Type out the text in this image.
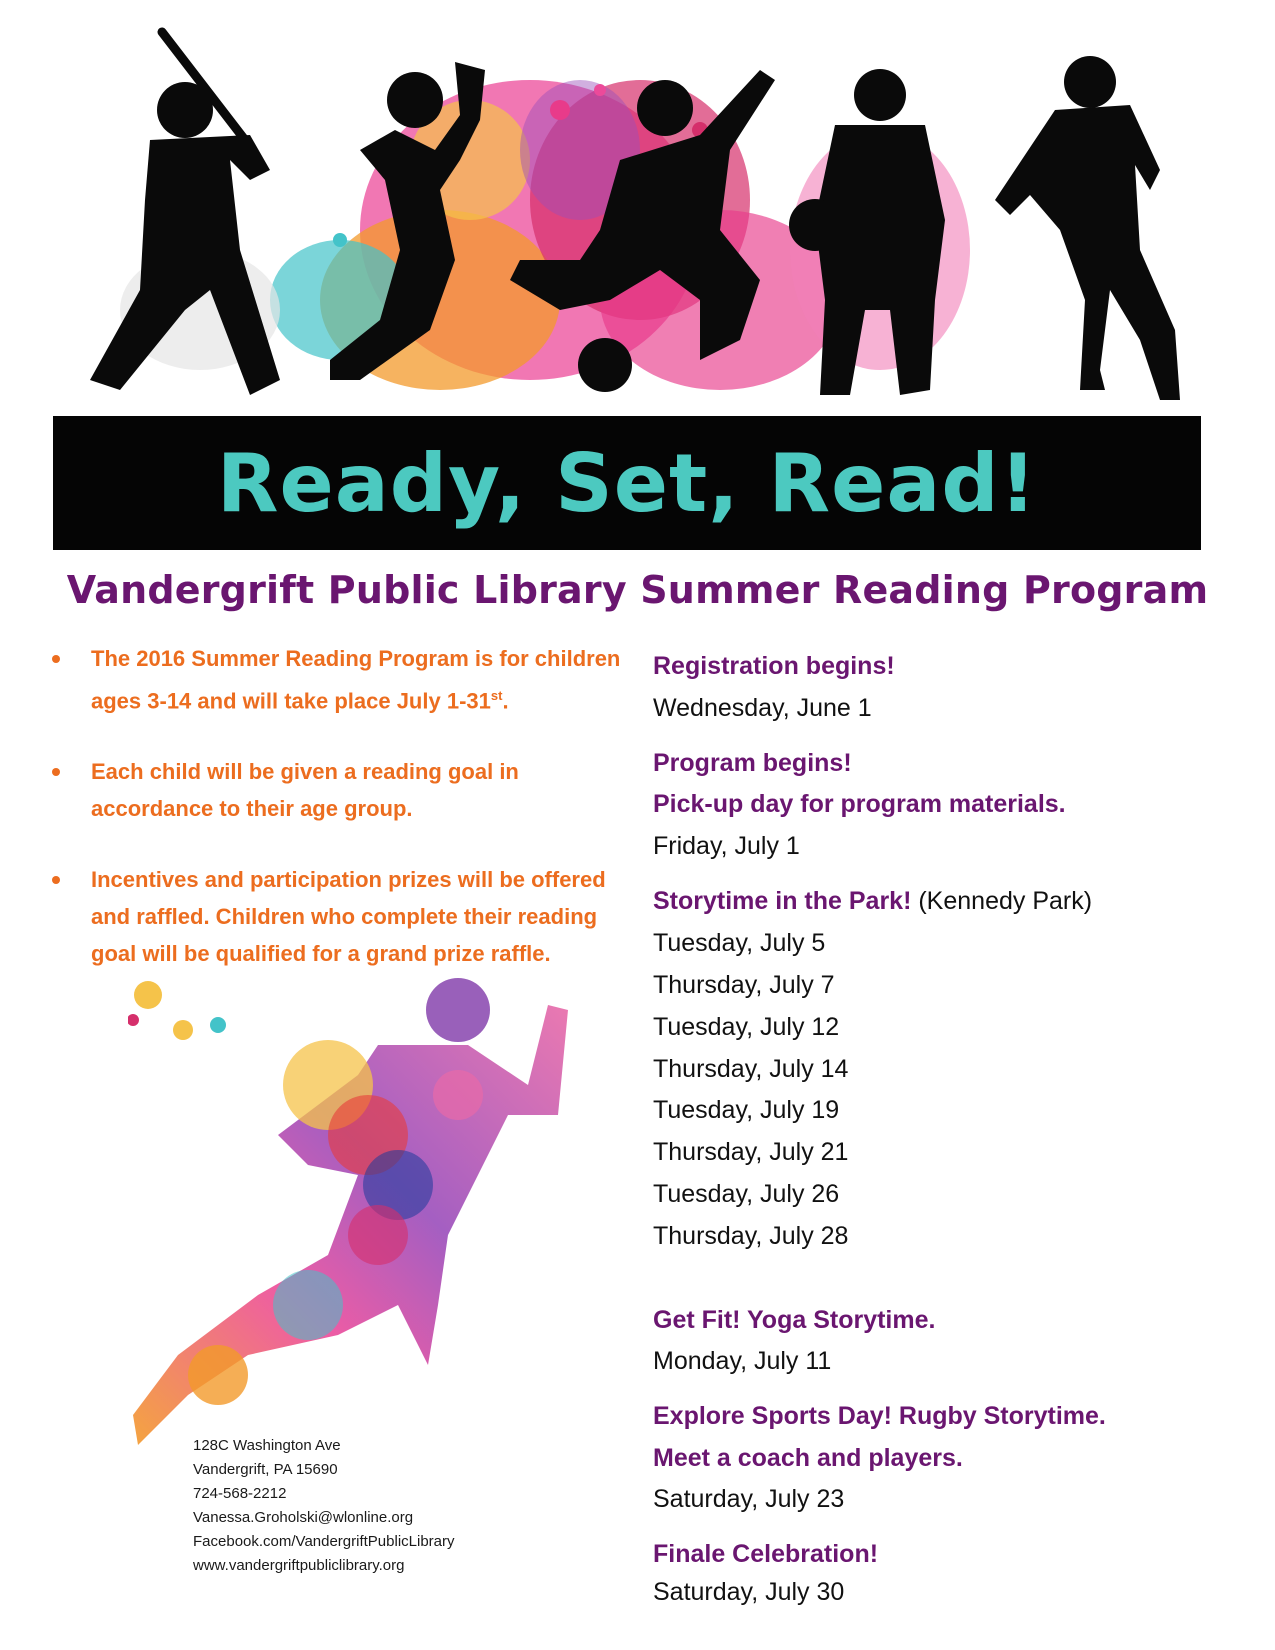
Ready, Set, Read!
Vandergrift Public Library Summer Reading Program
The 2016 Summer Reading Program is for children
ages 3-14 and will take place July 1-31st.
Each child will be given a reading goal in
accordance to their age group.
Incentives and participation prizes will be offered
and raffled. Children who complete their reading
goal will be qualified for a grand prize raffle.
128C Washington Ave
Vandergrift, PA 15690
724-568-2212
Vanessa.Groholski@wlonline.org
Facebook.com/VandergriftPublicLibrary
www.vandergriftpubliclibrary.org
Registration begins!
Wednesday, June 1
Program begins!
Pick-up day for program materials.
Friday, July 1
Storytime in the Park! (Kennedy Park)
Tuesday, July 5
Thursday, July 7
Tuesday, July 12
Thursday, July 14
Tuesday, July 19
Thursday, July 21
Tuesday, July 26
Thursday, July 28
Get Fit! Yoga Storytime.
Monday, July 11
Explore Sports Day! Rugby Storytime.
Meet a coach and players.
Saturday, July 23
Finale Celebration!
Saturday, July 30
